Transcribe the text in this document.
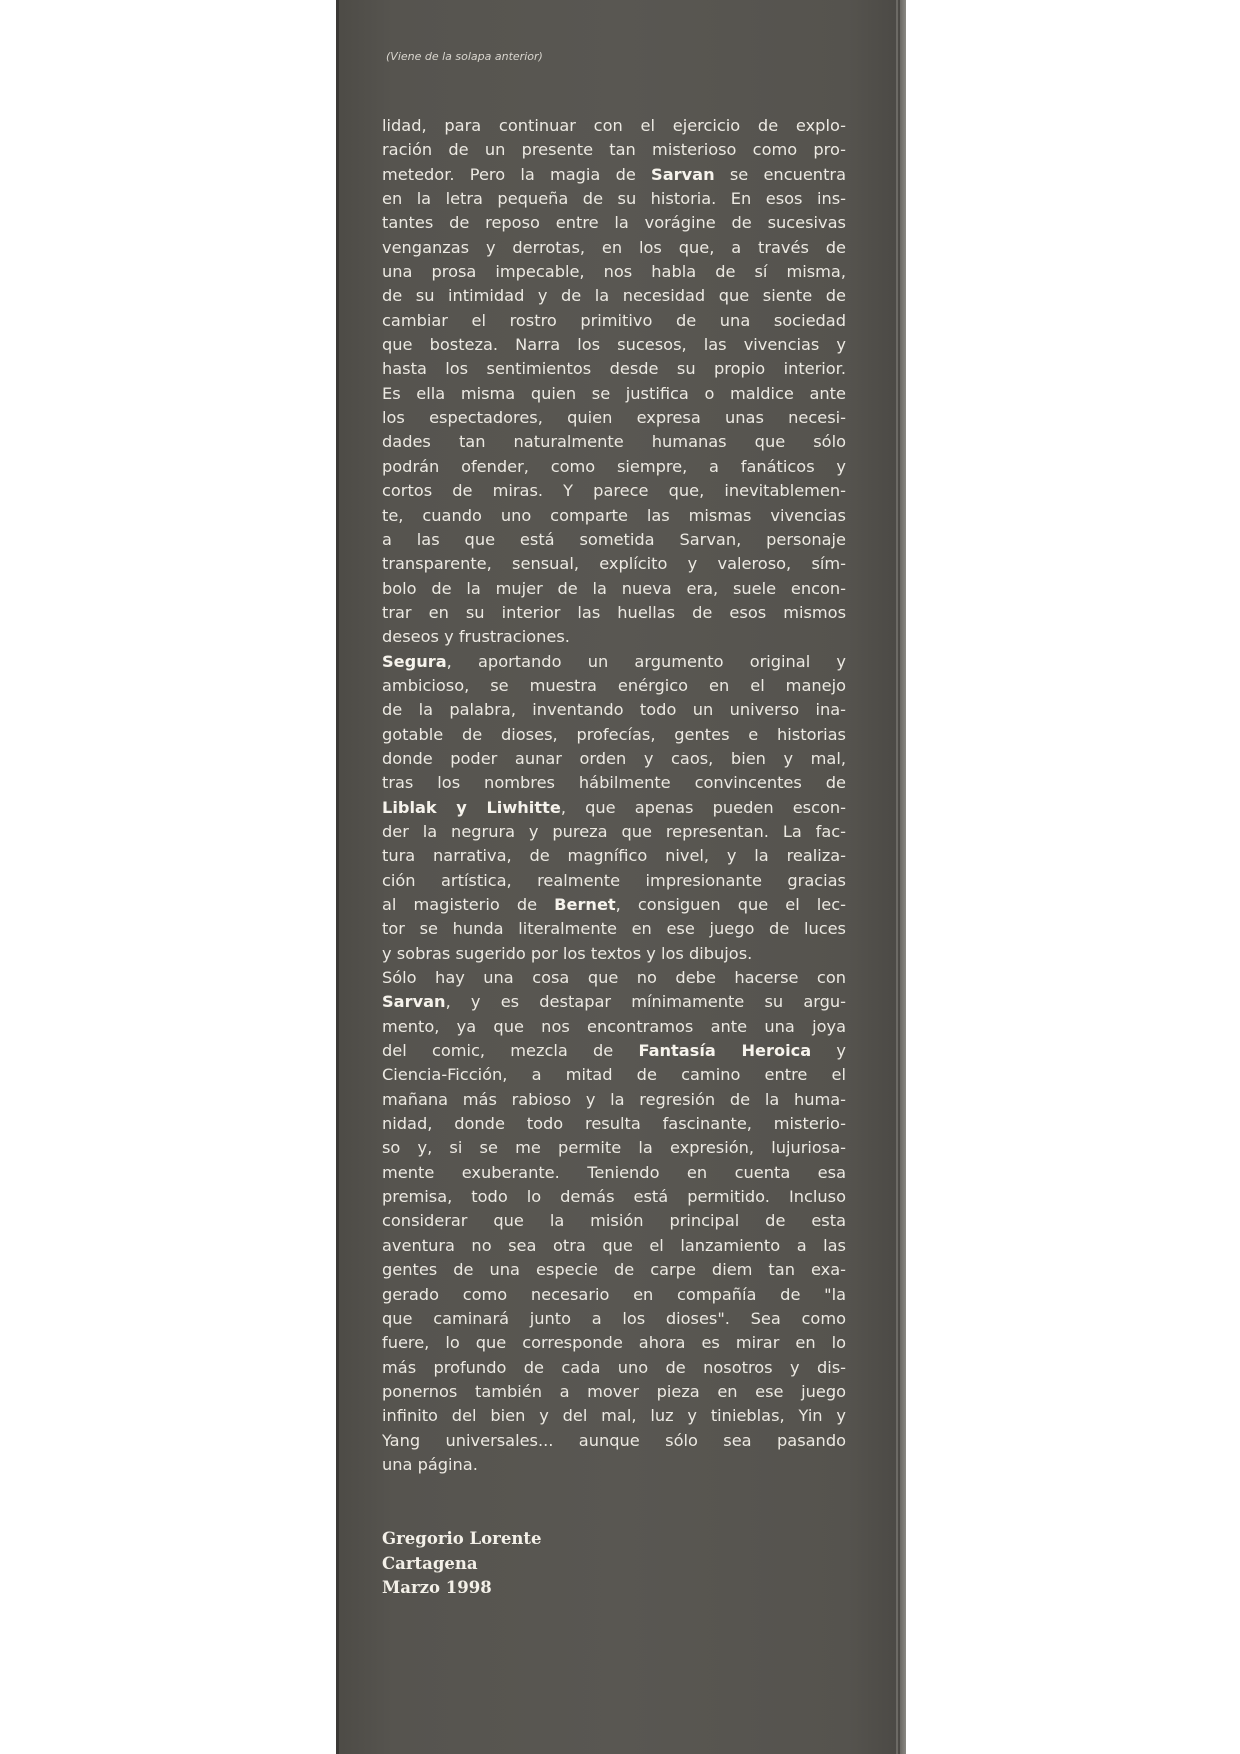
(Viene de la solapa anterior)
lidad, para continuar con el ejercicio de explo-
ración de un presente tan misterioso como pro-
metedor. Pero la magia de Sarvan se encuentra
en la letra pequeña de su historia. En esos ins-
tantes de reposo entre la vorágine de sucesivas
venganzas y derrotas, en los que, a través de
una prosa impecable, nos habla de sí misma,
de su intimidad y de la necesidad que siente de
cambiar el rostro primitivo de una sociedad
que bosteza. Narra los sucesos, las vivencias y
hasta los sentimientos desde su propio interior.
Es ella misma quien se justifica o maldice ante
los espectadores, quien expresa unas necesi-
dades tan naturalmente humanas que sólo
podrán ofender, como siempre, a fanáticos y
cortos de miras. Y parece que, inevitablemen-
te, cuando uno comparte las mismas vivencias
a las que está sometida Sarvan, personaje
transparente, sensual, explícito y valeroso, sím-
bolo de la mujer de la nueva era, suele encon-
trar en su interior las huellas de esos mismos
deseos y frustraciones.
Segura, aportando un argumento original y
ambicioso, se muestra enérgico en el manejo
de la palabra, inventando todo un universo ina-
gotable de dioses, profecías, gentes e historias
donde poder aunar orden y caos, bien y mal,
tras los nombres hábilmente convincentes de
Liblak y Liwhitte, que apenas pueden escon-
der la negrura y pureza que representan. La fac-
tura narrativa, de magnífico nivel, y la realiza-
ción artística, realmente impresionante gracias
al magisterio de Bernet, consiguen que el lec-
tor se hunda literalmente en ese juego de luces
y sobras sugerido por los textos y los dibujos.
Sólo hay una cosa que no debe hacerse con
Sarvan, y es destapar mínimamente su argu-
mento, ya que nos encontramos ante una joya
del comic, mezcla de Fantasía Heroica y
Ciencia-Ficción, a mitad de camino entre el
mañana más rabioso y la regresión de la huma-
nidad, donde todo resulta fascinante, misterio-
so y, si se me permite la expresión, lujuriosa-
mente exuberante. Teniendo en cuenta esa
premisa, todo lo demás está permitido. Incluso
considerar que la misión principal de esta
aventura no sea otra que el lanzamiento a las
gentes de una especie de carpe diem tan exa-
gerado como necesario en compañía de "la
que caminará junto a los dioses". Sea como
fuere, lo que corresponde ahora es mirar en lo
más profundo de cada uno de nosotros y dis-
ponernos también a mover pieza en ese juego
infinito del bien y del mal, luz y tinieblas, Yin y
Yang universales... aunque sólo sea pasando
una página.
Gregorio Lorente
Cartagena
Marzo 1998
